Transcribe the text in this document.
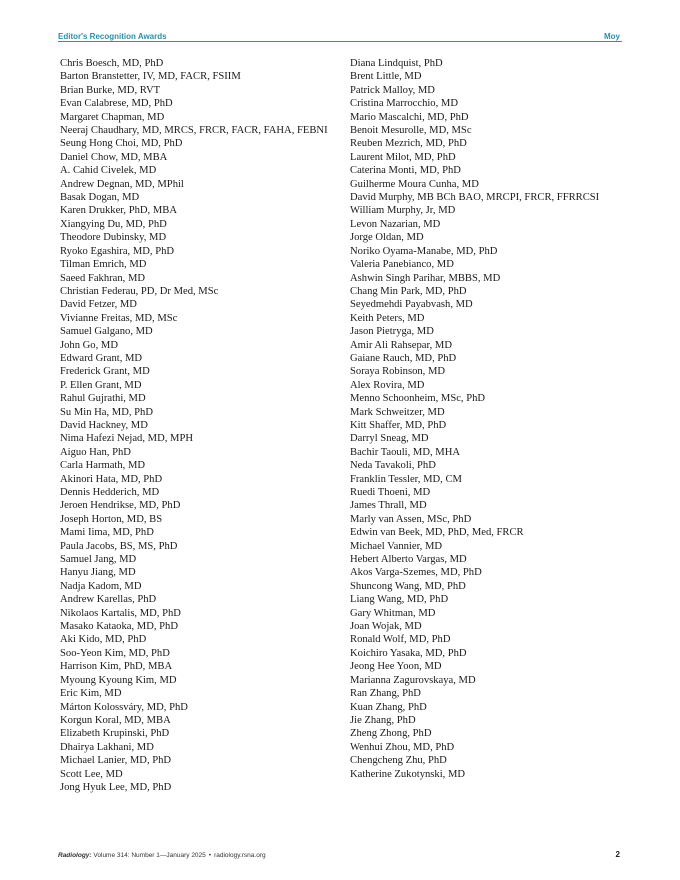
Editor's Recognition Awards	Moy
Chris Boesch, MD, PhD
Barton Branstetter, IV, MD, FACR, FSIIM
Brian Burke, MD, RVT
Evan Calabrese, MD, PhD
Margaret Chapman, MD
Neeraj Chaudhary, MD, MRCS, FRCR, FACR, FAHA, FEBNI
Seung Hong Choi, MD, PhD
Daniel Chow, MD, MBA
A. Cahid Civelek, MD
Andrew Degnan, MD, MPhil
Basak Dogan, MD
Karen Drukker, PhD, MBA
Xiangying Du, MD, PhD
Theodore Dubinsky, MD
Ryoko Egashira, MD, PhD
Tilman Emrich, MD
Saeed Fakhran, MD
Christian Federau, PD, Dr Med, MSc
David Fetzer, MD
Vivianne Freitas, MD, MSc
Samuel Galgano, MD
John Go, MD
Edward Grant, MD
Frederick Grant, MD
P. Ellen Grant, MD
Rahul Gujrathi, MD
Su Min Ha, MD, PhD
David Hackney, MD
Nima Hafezi Nejad, MD, MPH
Aiguo Han, PhD
Carla Harmath, MD
Akinori Hata, MD, PhD
Dennis Hedderich, MD
Jeroen Hendrikse, MD, PhD
Joseph Horton, MD, BS
Mami Iima, MD, PhD
Paula Jacobs, BS, MS, PhD
Samuel Jang, MD
Hanyu Jiang, MD
Nadja Kadom, MD
Andrew Karellas, PhD
Nikolaos Kartalis, MD, PhD
Masako Kataoka, MD, PhD
Aki Kido, MD, PhD
Soo-Yeon Kim, MD, PhD
Harrison Kim, PhD, MBA
Myoung Kyoung Kim, MD
Eric Kim, MD
Márton Kolossváry, MD, PhD
Korgun Koral, MD, MBA
Elizabeth Krupinski, PhD
Dhairya Lakhani, MD
Michael Lanier, MD, PhD
Scott Lee, MD
Jong Hyuk Lee, MD, PhD
Diana Lindquist, PhD
Brent Little, MD
Patrick Malloy, MD
Cristina Marrocchio, MD
Mario Mascalchi, MD, PhD
Benoit Mesurolle, MD, MSc
Reuben Mezrich, MD, PhD
Laurent Milot, MD, PhD
Caterina Monti, MD, PhD
Guilherme Moura Cunha, MD
David Murphy, MB BCh BAO, MRCPI, FRCR, FFRRCSI
William Murphy, Jr, MD
Levon Nazarian, MD
Jorge Oldan, MD
Noriko Oyama-Manabe, MD, PhD
Valeria Panebianco, MD
Ashwin Singh Parihar, MBBS, MD
Chang Min Park, MD, PhD
Seyedmehdi Payabvash, MD
Keith Peters, MD
Jason Pietryga, MD
Amir Ali Rahsepar, MD
Gaiane Rauch, MD, PhD
Soraya Robinson, MD
Alex Rovira, MD
Menno Schoonheim, MSc, PhD
Mark Schweitzer, MD
Kitt Shaffer, MD, PhD
Darryl Sneag, MD
Bachir Taouli, MD, MHA
Neda Tavakoli, PhD
Franklin Tessler, MD, CM
Ruedi Thoeni, MD
James Thrall, MD
Marly van Assen, MSc, PhD
Edwin van Beek, MD, PhD, Med, FRCR
Michael Vannier, MD
Hebert Alberto Vargas, MD
Akos Varga-Szemes, MD, PhD
Shuncong Wang, MD, PhD
Liang Wang, MD, PhD
Gary Whitman, MD
Joan Wojak, MD
Ronald Wolf, MD, PhD
Koichiro Yasaka, MD, PhD
Jeong Hee Yoon, MD
Marianna Zagurovskaya, MD
Ran Zhang, PhD
Kuan Zhang, PhD
Jie Zhang, PhD
Zheng Zhong, PhD
Wenhui Zhou, MD, PhD
Chengcheng Zhu, PhD
Katherine Zukotynski, MD
Radiology: Volume 314: Number 1—January 2025 • radiology.rsna.org	2
